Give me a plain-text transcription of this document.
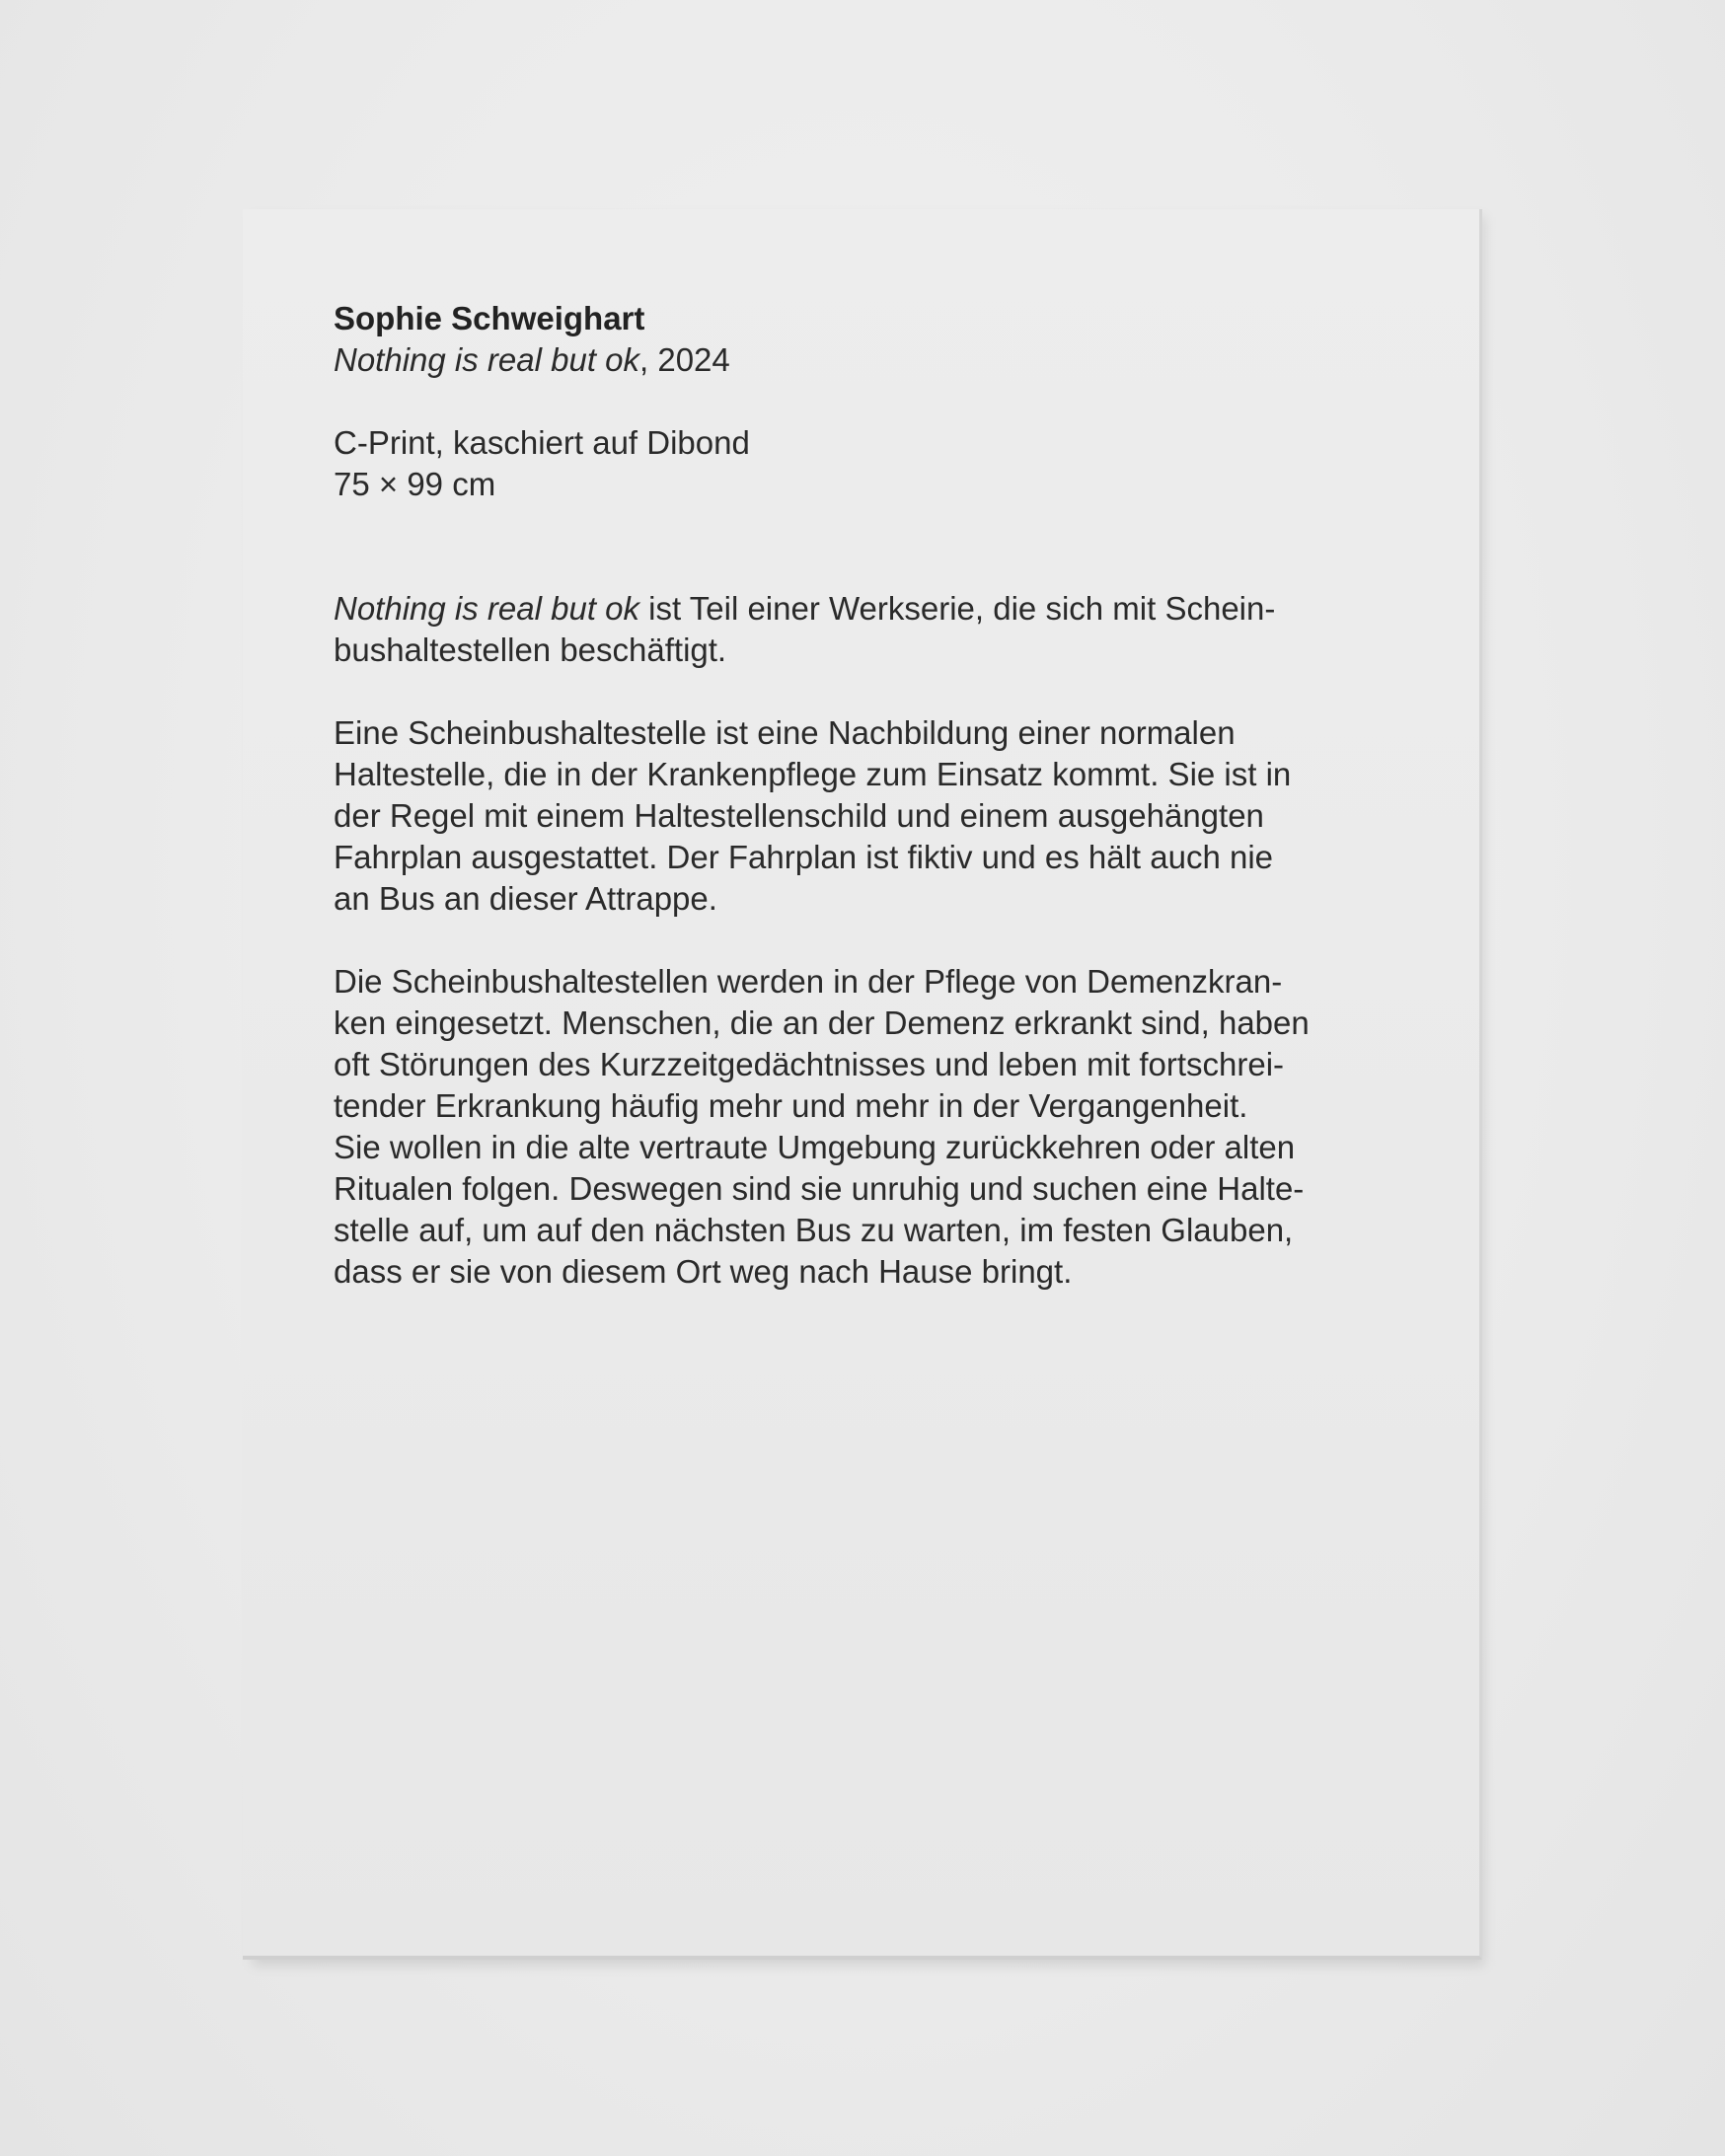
Sophie Schweighart
Nothing is real but ok, 2024
C-Print, kaschiert auf Dibond
75 × 99 cm

Nothing is real but ok ist Teil einer Werkserie, die sich mit Schein-

bushaltestellen beschäftigt.

Eine Scheinbushaltestelle ist eine Nachbildung einer normalen

Haltestelle, die in der Krankenpflege zum Einsatz kommt. Sie ist in

der Regel mit einem Haltestellenschild und einem ausgehängten

Fahrplan ausgestattet. Der Fahrplan ist fiktiv und es hält auch nie

an Bus an dieser Attrappe.

Die Scheinbushaltestellen werden in der Pflege von Demenzkran-

ken eingesetzt. Menschen, die an der Demenz erkrankt sind, haben

oft Störungen des Kurzzeitgedächtnisses und leben mit fortschrei-

tender Erkrankung häufig mehr und mehr in der Vergangenheit.

Sie wollen in die alte vertraute Umgebung zurückkehren oder alten

Ritualen folgen. Deswegen sind sie unruhig und suchen eine Halte-

stelle auf, um auf den nächsten Bus zu warten, im festen Glauben,

dass er sie von diesem Ort weg nach Hause bringt.
